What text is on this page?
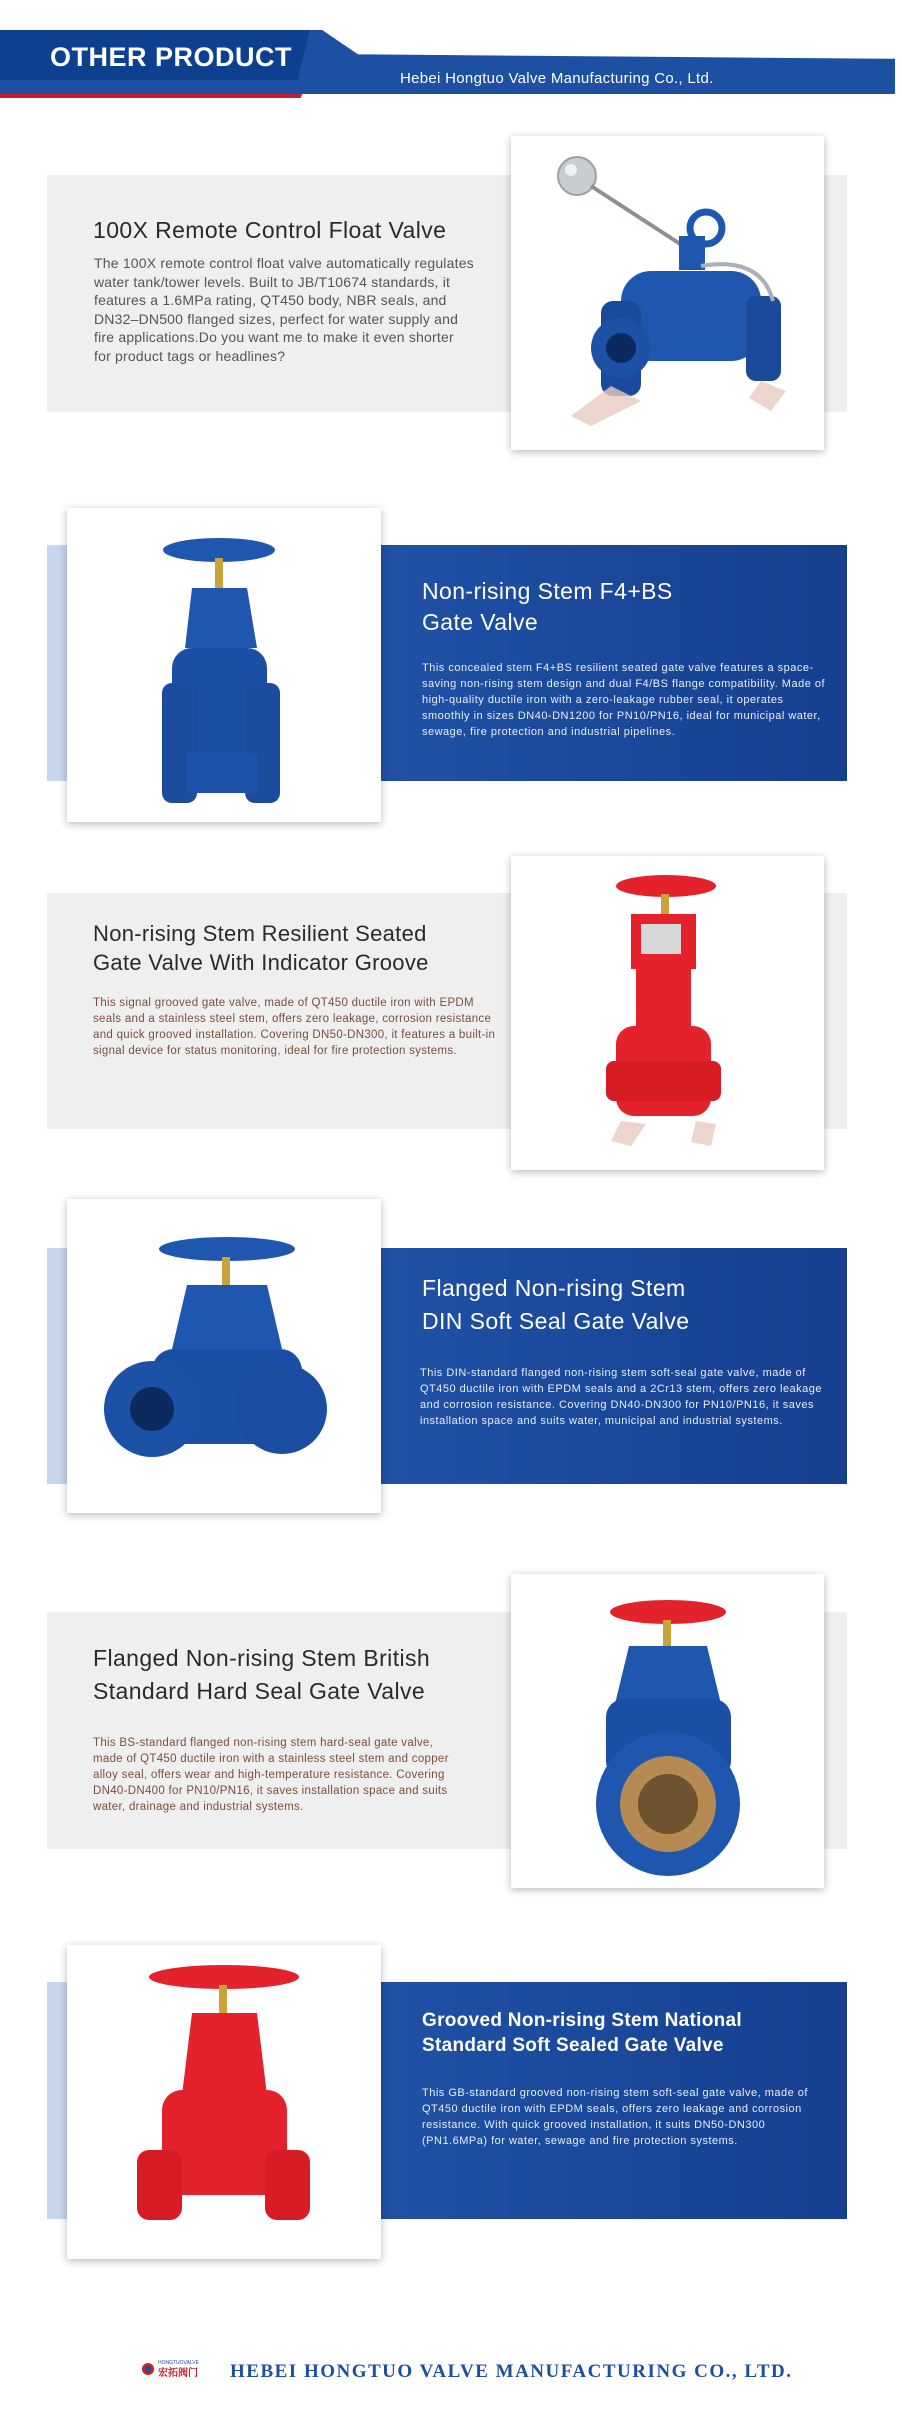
OTHER PRODUCT
Hebei Hongtuo Valve Manufacturing Co., Ltd.
100X Remote Control Float Valve
The 100X remote control float valve automatically regulates water tank/tower levels. Built to JB/T10674 standards, it features a 1.6MPa rating, QT450 body, NBR seals, and DN32–DN500 flanged sizes, perfect for water supply and fire applications.Do you want me to make it even shorter for product tags or headlines?
Non-rising Stem F4+BS
Gate Valve
This concealed stem F4+BS resilient seated gate valve features a space-saving non-rising stem design and dual F4/BS flange compatibility. Made of high-quality ductile iron with a zero-leakage rubber seal, it operates smoothly in sizes DN40-DN1200 for PN10/PN16, ideal for municipal water, sewage, fire protection and industrial pipelines.
Non-rising Stem Resilient Seated
Gate Valve With Indicator Groove
This signal grooved gate valve, made of QT450 ductile iron with EPDM seals and a stainless steel stem, offers zero leakage, corrosion resistance and quick grooved installation. Covering DN50-DN300, it features a built-in signal device for status monitoring, ideal for fire protection systems.
Flanged Non-rising Stem
DIN Soft Seal Gate Valve
This DIN-standard flanged non-rising stem soft-seal gate valve, made of QT450 ductile iron with EPDM seals and a 2Cr13 stem, offers zero leakage and corrosion resistance. Covering DN40-DN300 for PN10/PN16, it saves installation space and suits water, municipal and industrial systems.
Flanged Non-rising Stem British
Standard Hard Seal Gate Valve
This BS-standard flanged non-rising stem hard-seal gate valve, made of QT450 ductile iron with a stainless steel stem and copper alloy seal, offers wear and high-temperature resistance. Covering DN40-DN400 for PN10/PN16, it saves installation space and suits water, drainage and industrial systems.
Grooved Non-rising Stem National
Standard Soft Sealed Gate Valve
This GB-standard grooved non-rising stem soft-seal gate valve, made of QT450 ductile iron with EPDM seals, offers zero leakage and corrosion resistance. With quick grooved installation, it suits DN50-DN300 (PN1.6MPa) for water, sewage and fire protection systems.
HONGTUOVALVE
宏拓阀门 HEBEI HONGTUO VALVE MANUFACTURING CO., LTD.
